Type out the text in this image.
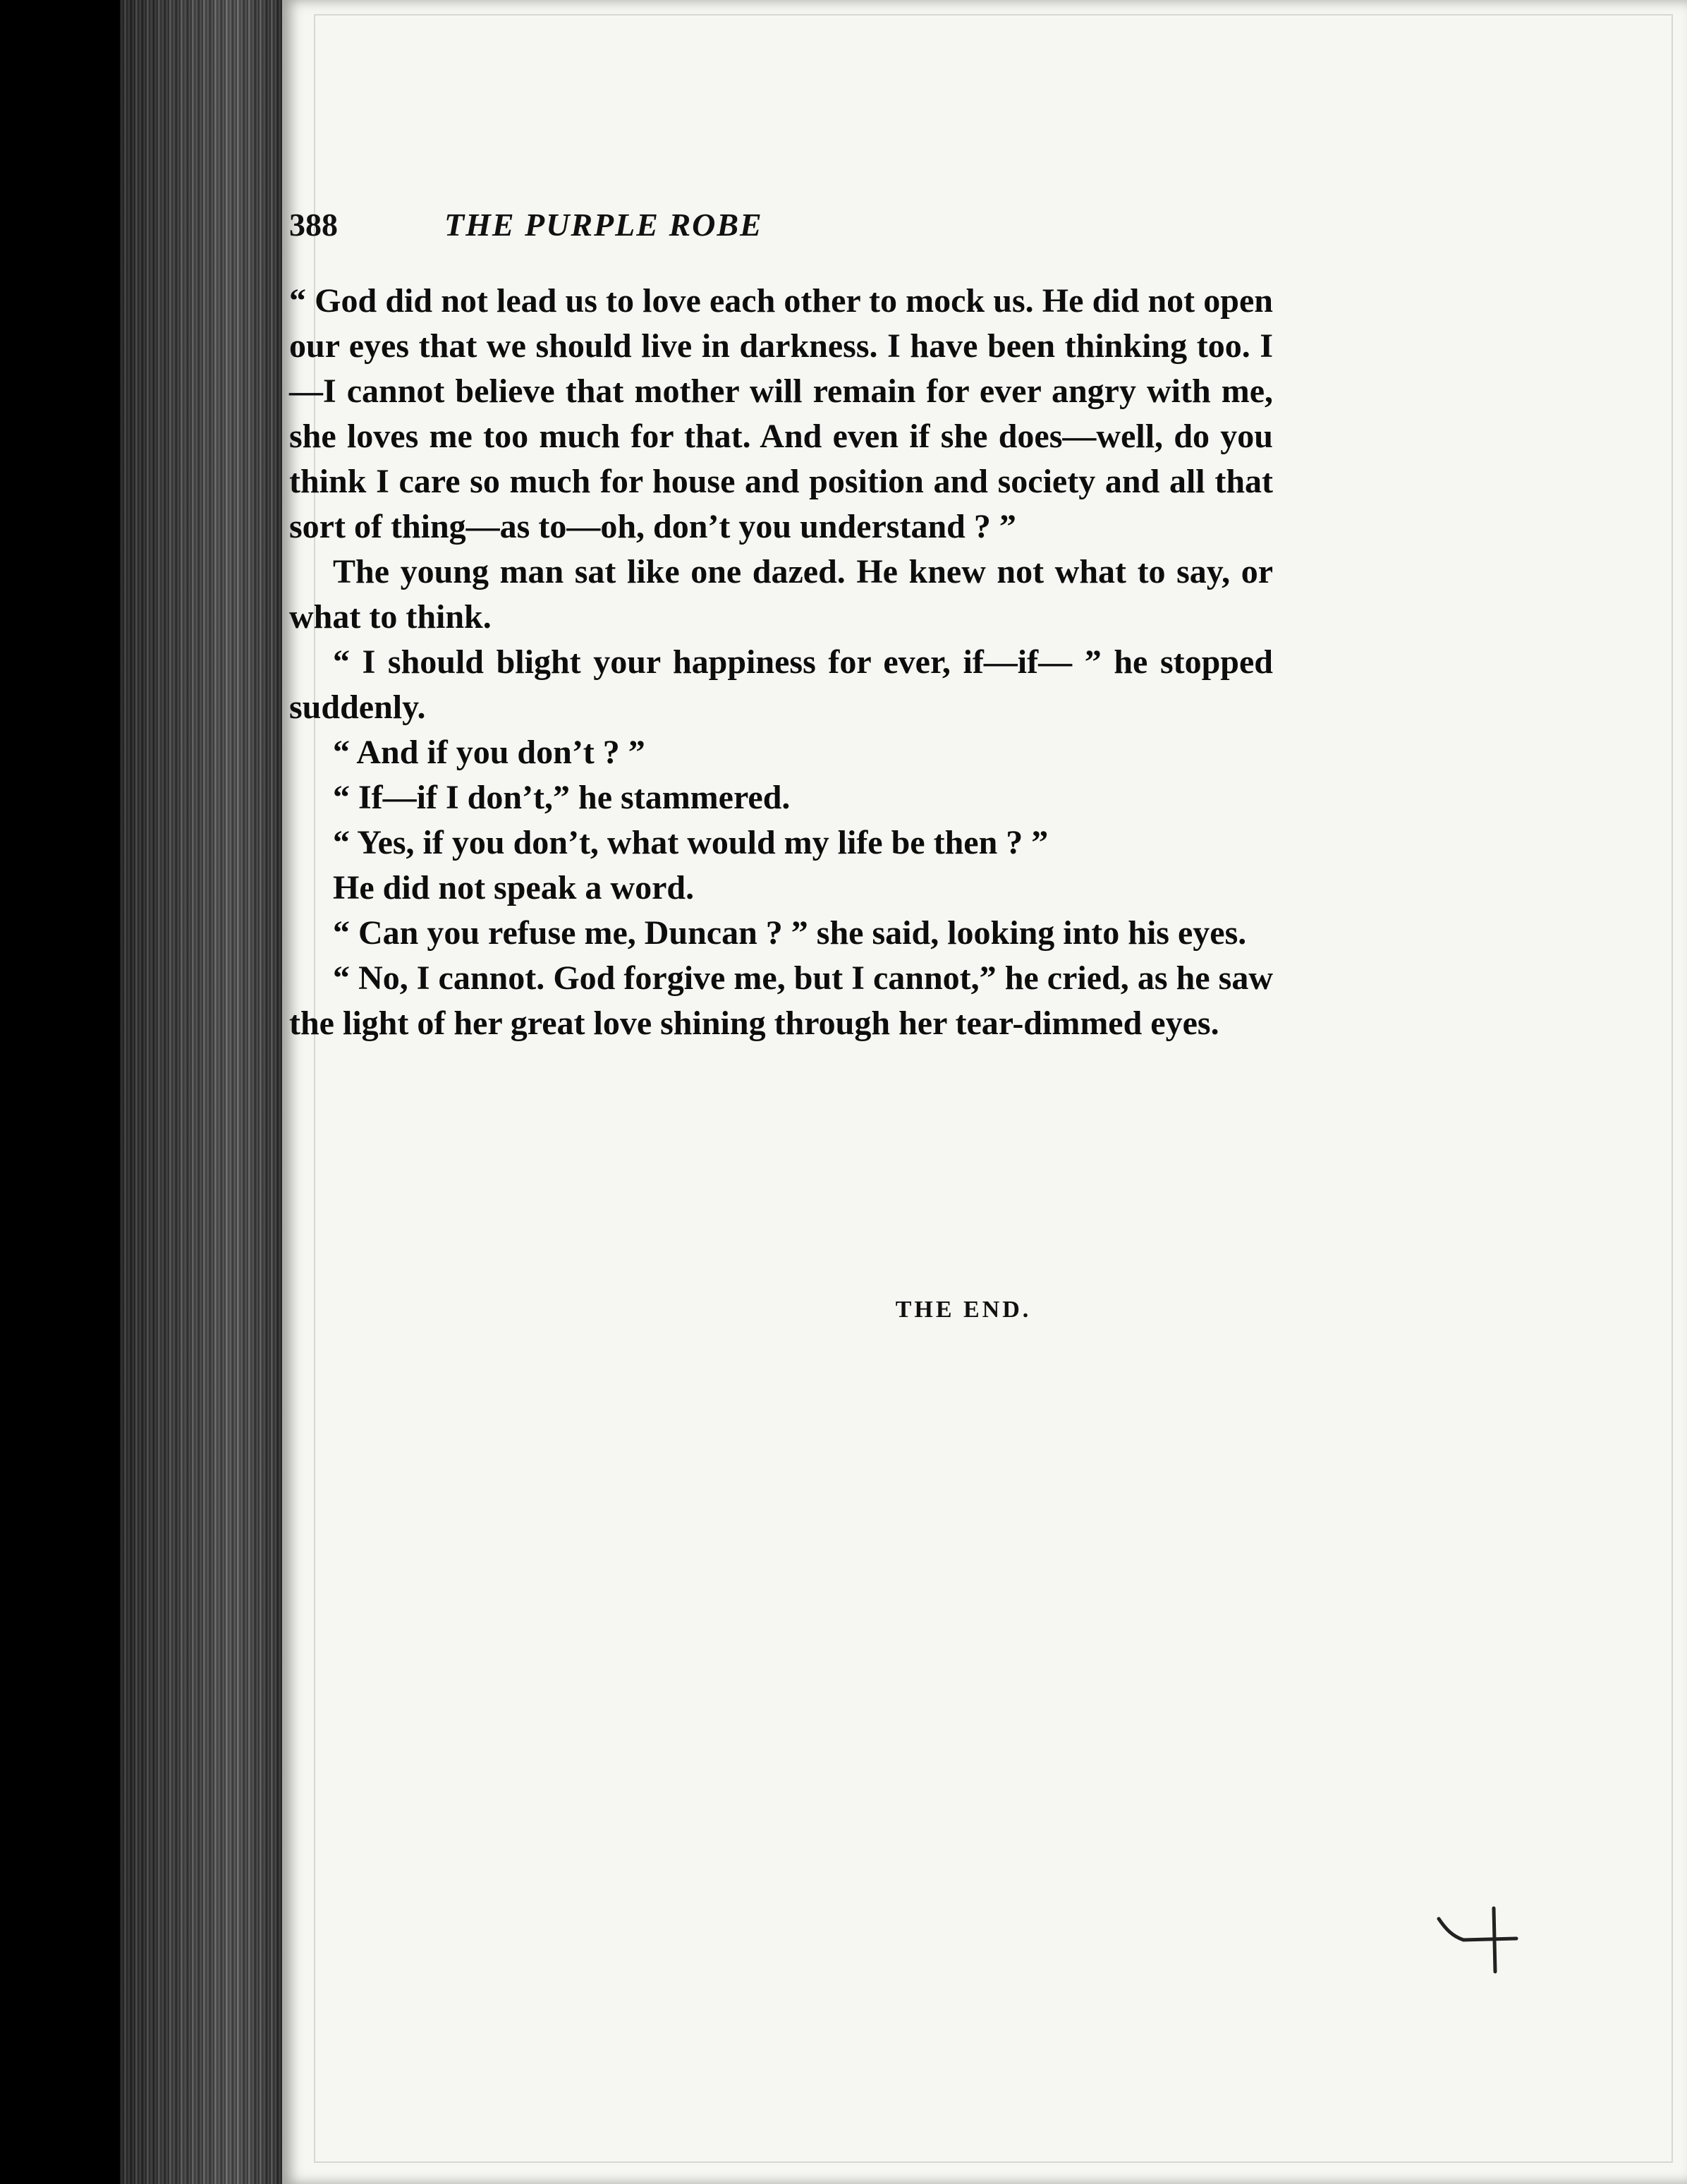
388	THE PURPLE ROBE

“ God did not lead us to love each other to mock us. He did not open our eyes that we should live in darkness. I have been thinking too. I—I cannot believe that mother will remain for ever angry with me, she loves me too much for that. And even if she does—well, do you think I care so much for house and position and society and all that sort of thing—as to—oh, don’t you understand ? ”

The young man sat like one dazed. He knew not what to say, or what to think.

“ I should blight your happiness for ever, if—if— ” he stopped suddenly.

“ And if you don’t ? ”

“ If—if I don’t,” he stammered.

“ Yes, if you don’t, what would my life be then ? ”

He did not speak a word.

“ Can you refuse me, Duncan ? ” she said, looking into his eyes.

“ No, I cannot. God forgive me, but I cannot,” he cried, as he saw the light of her great love shining through her tear-dimmed eyes.

THE END.
